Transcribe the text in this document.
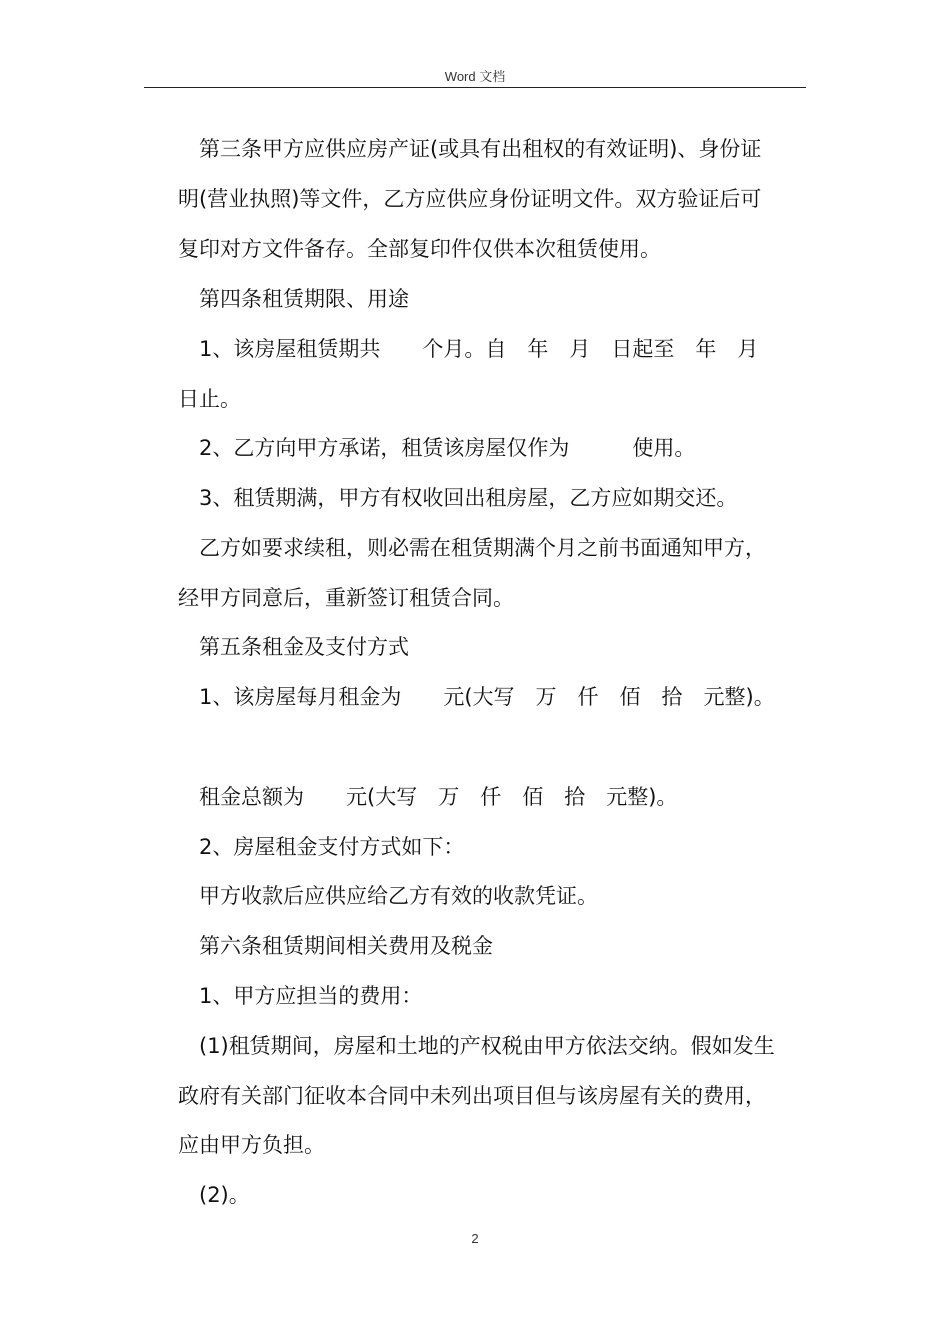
Word 文档
第三条甲方应供应房产证(或具有出租权的有效证明)、身份证
明(营业执照)等文件，乙方应供应身份证明文件。双方验证后可
复印对方文件备存。全部复印件仅供本次租赁使用。
第四条租赁期限、用途
1、该房屋租赁期共　　个月。自　年　月　日起至　年　月
日止。
2、乙方向甲方承诺，租赁该房屋仅作为　　　使用。
3、租赁期满，甲方有权收回出租房屋，乙方应如期交还。
乙方如要求续租，则必需在租赁期满个月之前书面通知甲方，
经甲方同意后，重新签订租赁合同。
第五条租金及支付方式
1、该房屋每月租金为　　元(大写　万　仟　佰　拾　元整)。
租金总额为　　元(大写　万　仟　佰　拾　元整)。
2、房屋租金支付方式如下：
甲方收款后应供应给乙方有效的收款凭证。
第六条租赁期间相关费用及税金
1、甲方应担当的费用：
(1)租赁期间，房屋和土地的产权税由甲方依法交纳。假如发生
政府有关部门征收本合同中未列出项目但与该房屋有关的费用，
应由甲方负担。
(2)。
2
